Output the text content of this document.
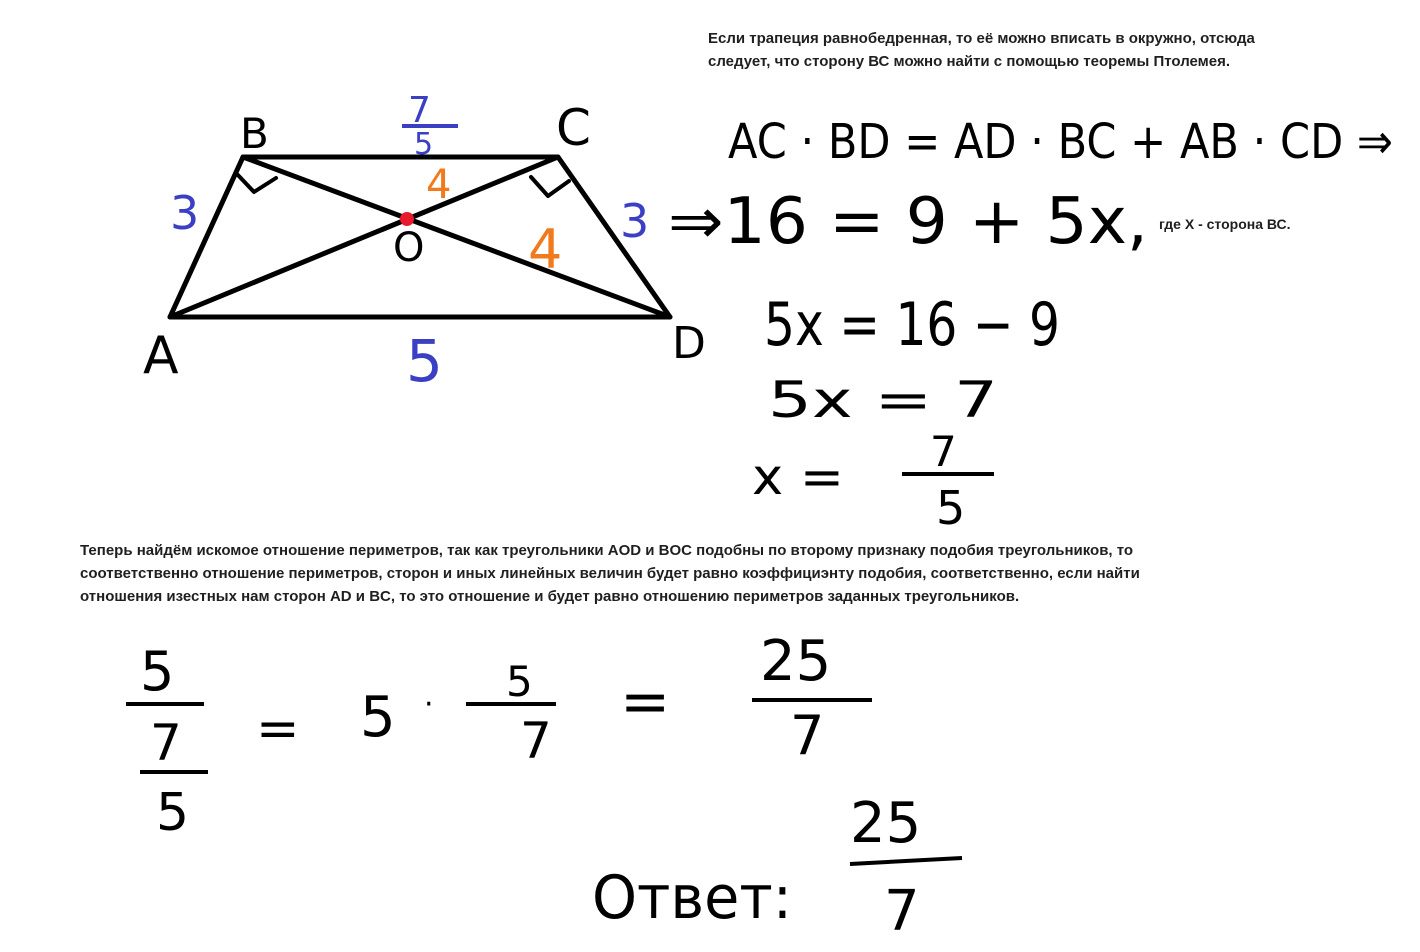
Если трапеция равнобедренная, то её можно вписать в окружно, отсюда
следует, что сторону ВС можно найти с помощью теоремы Птолемея.
где Х - сторона ВС.
Теперь найдём искомое отношение периметров, так как треугольники AOD и BOC подобны по второму признаку подобия треугольников, то
соответственно отношение периметров, сторон и иных линейных величин будет равно коэффициэнту подобия, соответственно, если найти
отношения изестных нам сторон AD и BC, то это отношение и будет равно отношению периметров заданных треугольников.
B	C
A	D
O
7
5
3	3
5
4
4
AC · BD = AD · BC + AB · CD ⇒
⇒16 = 9 + 5x,
5x = 16 − 9
5x = 7
x = 7
5
5
7
5
= 5 · 5
7
=
25
7
Ответ:
25
7
